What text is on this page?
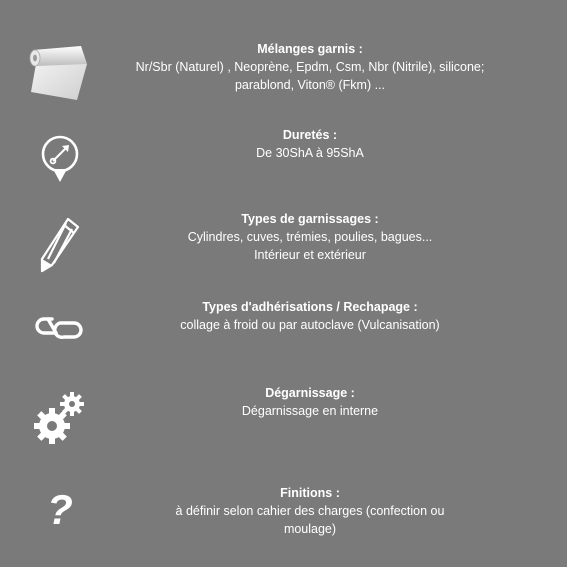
Mélanges garnis :
Nr/Sbr (Naturel) , Neoprène, Epdm, Csm, Nbr (Nitrile), silicone;
parablond, Viton® (Fkm) ...
Duretés :
De 30ShA à 95ShA
Types de garnissages :
Cylindres, cuves, trémies, poulies, bagues...
Intérieur et extérieur
Types d'adhérisations / Rechapage :
collage à froid ou par autoclave (Vulcanisation)
Dégarnissage :
Dégarnissage en interne
?	Finitions :
à définir selon cahier des charges (confection ou
moulage)
